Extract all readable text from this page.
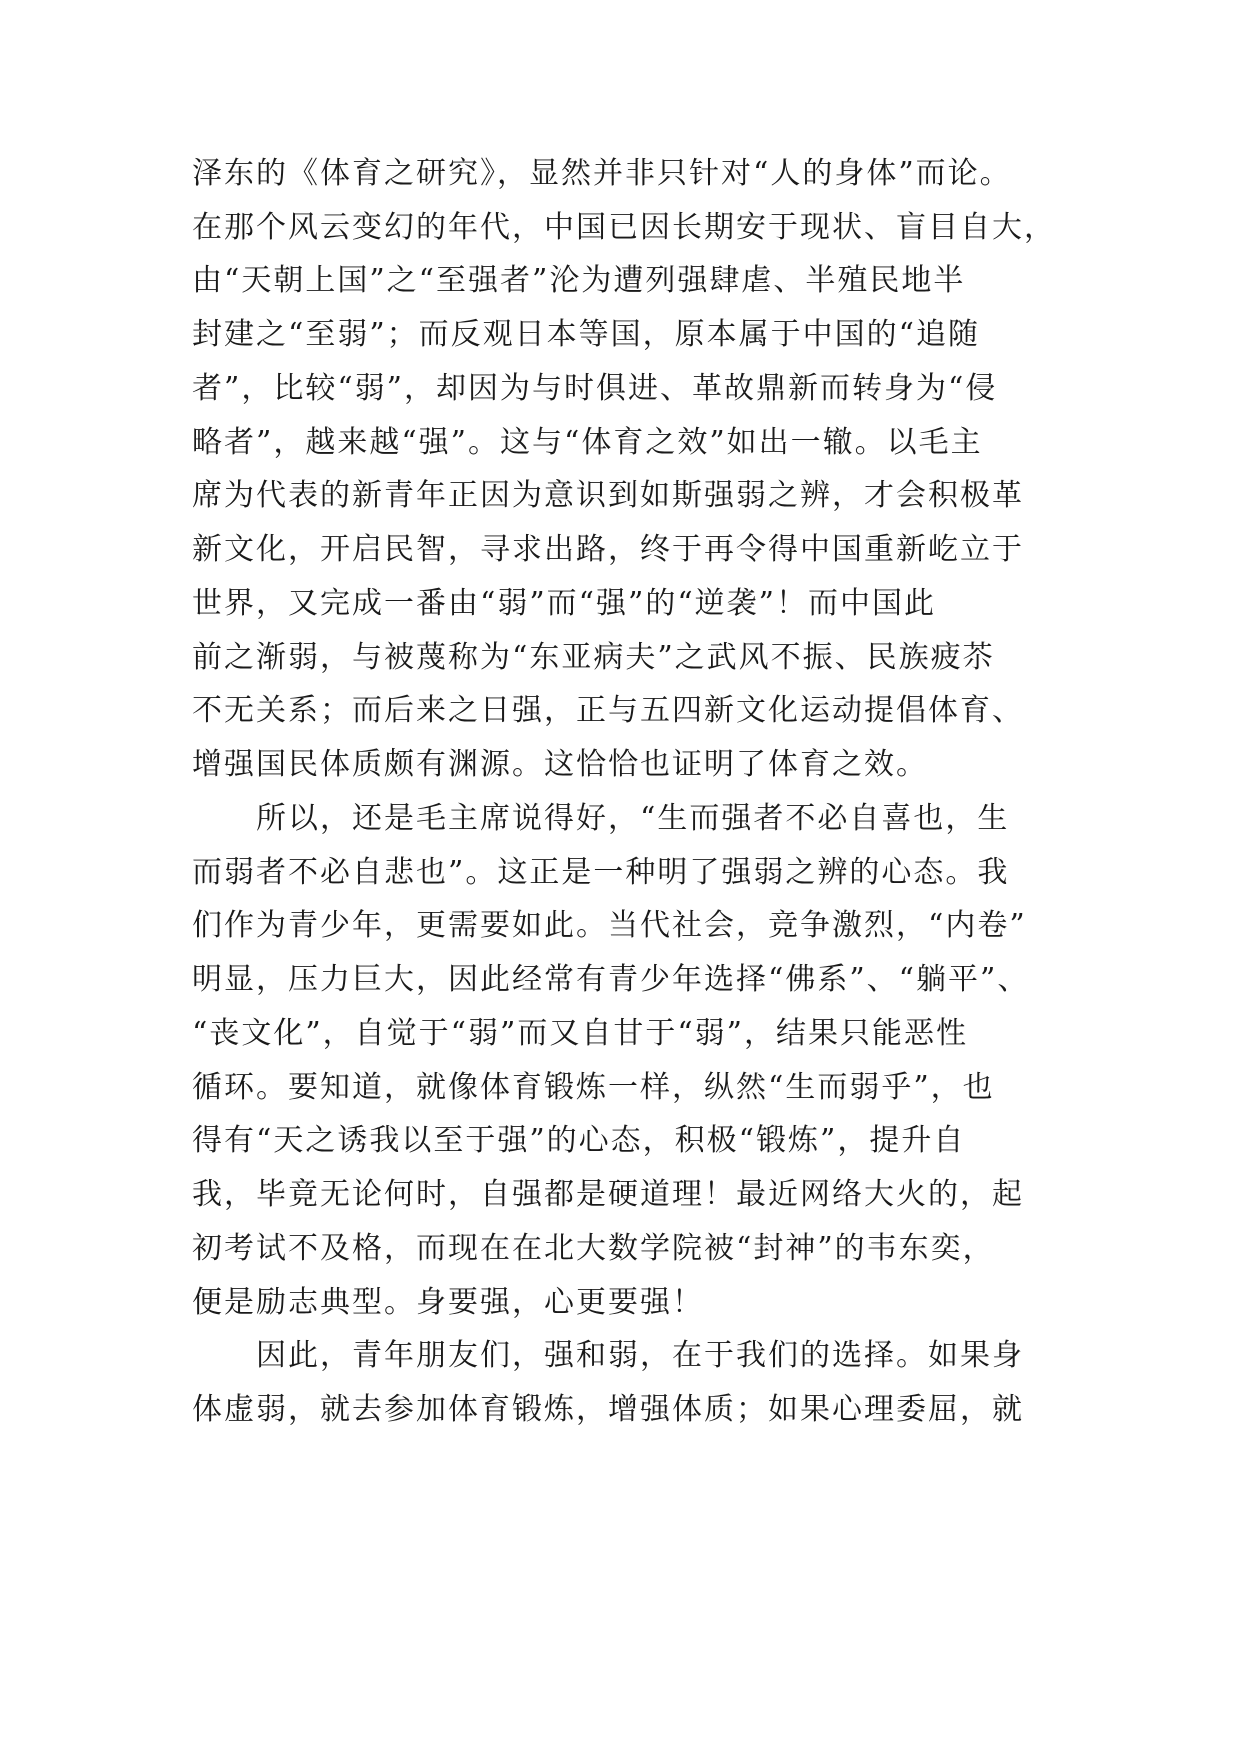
泽东的《体育之研究》，显然并非只针对“人的身体”而论。
在那个风云变幻的年代，中国已因长期安于现状、盲目自大，
由“天朝上国”之“至强者”沦为遭列强肆虐、半殖民地半
封建之“至弱”；而反观日本等国，原本属于中国的“追随
者”，比较“弱”，却因为与时俱进、革故鼎新而转身为“侵
略者”，越来越“强”。这与“体育之效”如出一辙。以毛主
席为代表的新青年正因为意识到如斯强弱之辨，才会积极革
新文化，开启民智，寻求出路，终于再令得中国重新屹立于
世界，又完成一番由“弱”而“强”的“逆袭”！而中国此
前之渐弱，与被蔑称为“东亚病夫”之武风不振、民族疲苶
不无关系；而后来之日强，正与五四新文化运动提倡体育、
增强国民体质颇有渊源。这恰恰也证明了体育之效。
　　所以，还是毛主席说得好，“生而强者不必自喜也，生
而弱者不必自悲也”。这正是一种明了强弱之辨的心态。我
们作为青少年，更需要如此。当代社会，竞争激烈，“内卷”
明显，压力巨大，因此经常有青少年选择“佛系”、“躺平”、
“丧文化”，自觉于“弱”而又自甘于“弱”，结果只能恶性
循环。要知道，就像体育锻炼一样，纵然“生而弱乎”，也
得有“天之诱我以至于强”的心态，积极“锻炼”，提升自
我，毕竟无论何时，自强都是硬道理！最近网络大火的，起
初考试不及格，而现在在北大数学院被“封神”的韦东奕，
便是励志典型。身要强，心更要强！
　　因此，青年朋友们，强和弱，在于我们的选择。如果身
体虚弱，就去参加体育锻炼，增强体质；如果心理委屈，就
